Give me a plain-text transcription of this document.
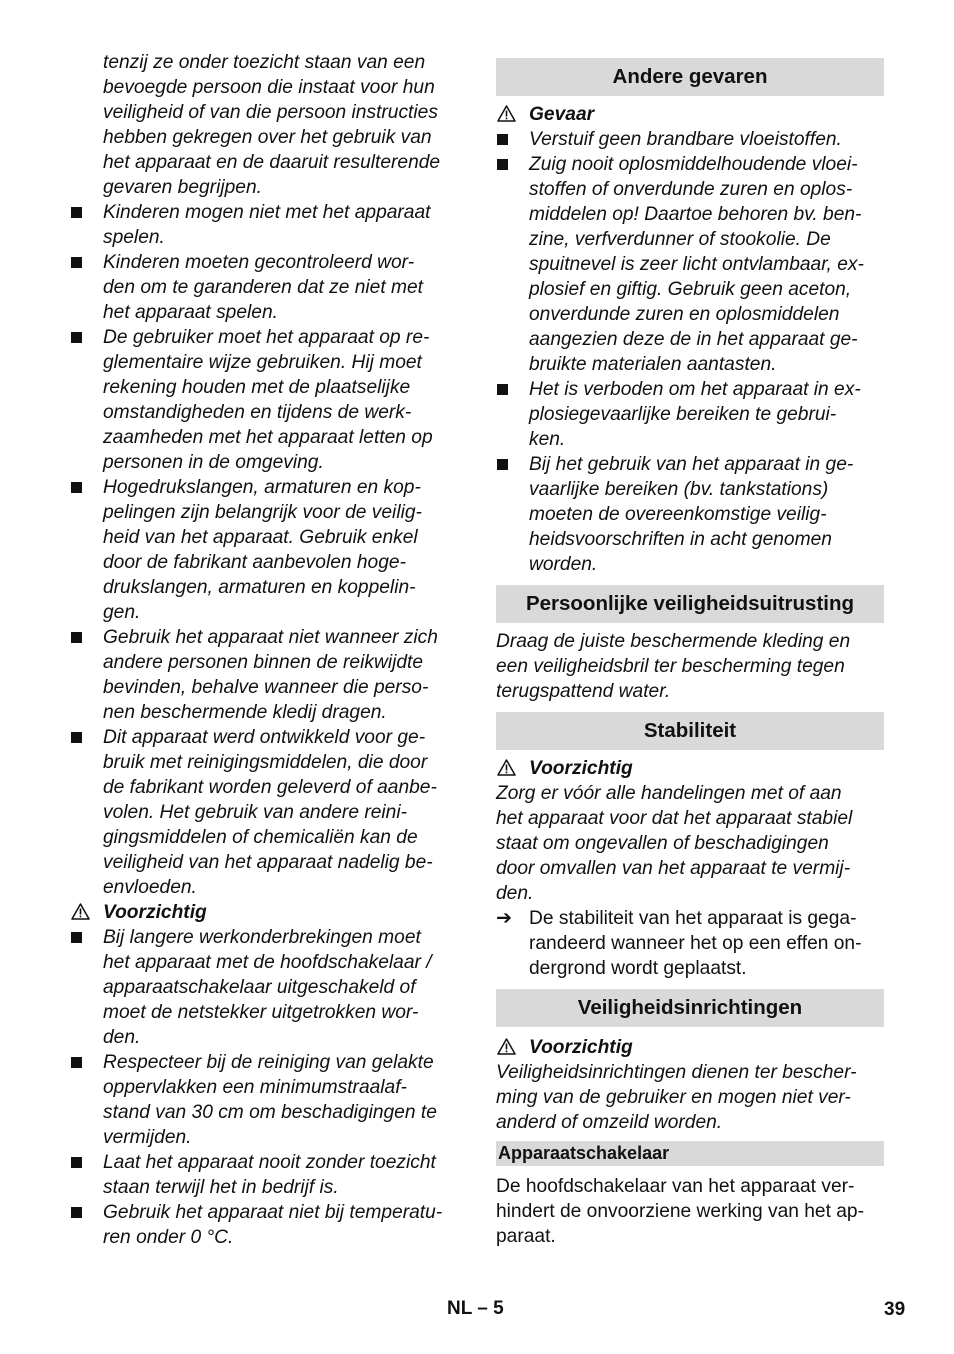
tenzij ze onder toezicht staan van een
bevoegde persoon die instaat voor hun
veiligheid of van die persoon instructies
hebben gekregen over het gebruik van
het apparaat en de daaruit resulterende
gevaren begrijpen.
Kinderen mogen niet met het apparaat
spelen.
Kinderen moeten gecontroleerd wor-
den om te garanderen dat ze niet met
het apparaat spelen.
De gebruiker moet het apparaat op re-
glementaire wijze gebruiken. Hij moet
rekening houden met de plaatselijke
omstandigheden en tijdens de werk-
zaamheden met het apparaat letten op
personen in de omgeving.
Hogedrukslangen, armaturen en kop-
pelingen zijn belangrijk voor de veilig-
heid van het apparaat. Gebruik enkel
door de fabrikant aanbevolen hoge-
drukslangen, armaturen en koppelin-
gen.
Gebruik het apparaat niet wanneer zich
andere personen binnen de reikwijdte
bevinden, behalve wanneer die perso-
nen beschermende kledij dragen.
Dit apparaat werd ontwikkeld voor ge-
bruik met reinigingsmiddelen, die door
de fabrikant worden geleverd of aanbe-
volen. Het gebruik van andere reini-
gingsmiddelen of chemicaliën kan de
veiligheid van het apparaat nadelig be-
envloeden.
Voorzichtig
Bij langere werkonderbrekingen moet
het apparaat met de hoofdschakelaar /
apparaatschakelaar uitgeschakeld of
moet de netstekker uitgetrokken wor-
den.
Respecteer bij de reiniging van gelakte
oppervlakken een minimumstraalaf-
stand van 30 cm om beschadigingen te
vermijden.
Laat het apparaat nooit zonder toezicht
staan terwijl het in bedrijf is.
Gebruik het apparaat niet bij temperatu-
ren onder 0 °C.
Andere gevaren
Gevaar
Verstuif geen brandbare vloeistoffen.
Zuig nooit oplosmiddelhoudende vloei-
stoffen of onverdunde zuren en oplos-
middelen op! Daartoe behoren bv. ben-
zine, verfverdunner of stookolie. De
spuitnevel is zeer licht ontvlambaar, ex-
plosief en giftig. Gebruik geen aceton,
onverdunde zuren en oplosmiddelen
aangezien deze de in het apparaat ge-
bruikte materialen aantasten.
Het is verboden om het apparaat in ex-
plosiegevaarlijke bereiken te gebrui-
ken.
Bij het gebruik van het apparaat in ge-
vaarlijke bereiken (bv. tankstations)
moeten de overeenkomstige veilig-
heidsvoorschriften in acht genomen
worden.
Persoonlijke veiligheidsuitrusting
Draag de juiste beschermende kleding en
een veiligheidsbril ter bescherming tegen
terugspattend water.
Stabiliteit
Voorzichtig
Zorg er vóór alle handelingen met of aan
het apparaat voor dat het apparaat stabiel
staat om ongevallen of beschadigingen
door omvallen van het apparaat te vermij-
den.
➔ De stabiliteit van het apparaat is gega-
randeerd wanneer het op een effen on-
dergrond wordt geplaatst.
Veiligheidsinrichtingen
Voorzichtig
Veiligheidsinrichtingen dienen ter bescher-
ming van de gebruiker en mogen niet ver-
anderd of omzeild worden.
Apparaatschakelaar
De hoofdschakelaar van het apparaat ver-
hindert de onvoorziene werking van het ap-
paraat.
NL – 5	39
